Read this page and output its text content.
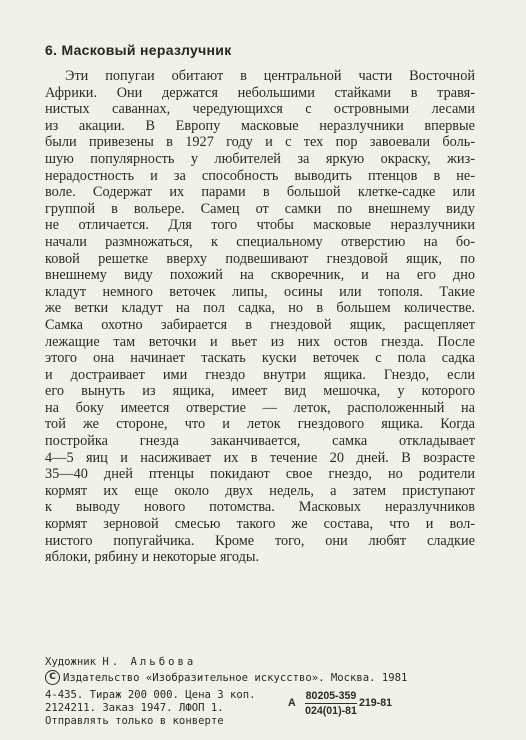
6. Масковый неразлучник
Эти попугаи обитают в центральной части Восточной
Африки. Они держатся небольшими стайками в травя-
нистых саваннах, чередующихся с островными лесами
из акации. В Европу масковые неразлучники впервые
были привезены в 1927 году и с тех пор завоевали боль-
шую популярность у любителей за яркую окраску, жиз-
нерадостность и за способность выводить птенцов в не-
воле. Содержат их парами в большой клетке-садке или
группой в вольере. Самец от самки по внешнему виду
не отличается. Для того чтобы масковые неразлучники
начали размножаться, к специальному отверстию на бо-
ковой решетке вверху подвешивают гнездовой ящик, по
внешнему виду похожий на скворечник, и на его дно
кладут немного веточек липы, осины или тополя. Такие
же ветки кладут на пол садка, но в большем количестве.
Самка охотно забирается в гнездовой ящик, расщепляет
лежащие там веточки и вьет из них остов гнезда. После
этого она начинает таскать куски веточек с пола садка
и достраивает ими гнездо внутри ящика. Гнездо, если
его вынуть из ящика, имеет вид мешочка, у которого
на боку имеется отверстие — леток, расположенный на
той же стороне, что и леток гнездового ящика. Когда
постройка гнезда заканчивается, самка откладывает
4—5 яиц и насиживает их в течение 20 дней. В возрасте
35—40 дней птенцы покидают свое гнездо, но родители
кормят их еще около двух недель, а затем приступают
к выводу нового потомства. Масковых неразлучников
кормят зерновой смесью такого же состава, что и вол-
нистого попугайчика. Кроме того, они любят сладкие
яблоки, рябину и некоторые ягоды.
Художник Н. Альбова
C Издательство «Изобразительное искусство». Москва. 1981
4-435. Тираж 200 000. Цена 3 коп.
2124211. Заказ 1947. ЛФОП 1.
Отправлять только в конверте
А $\frac{80205-359}{024(01)-81} 219-81$
